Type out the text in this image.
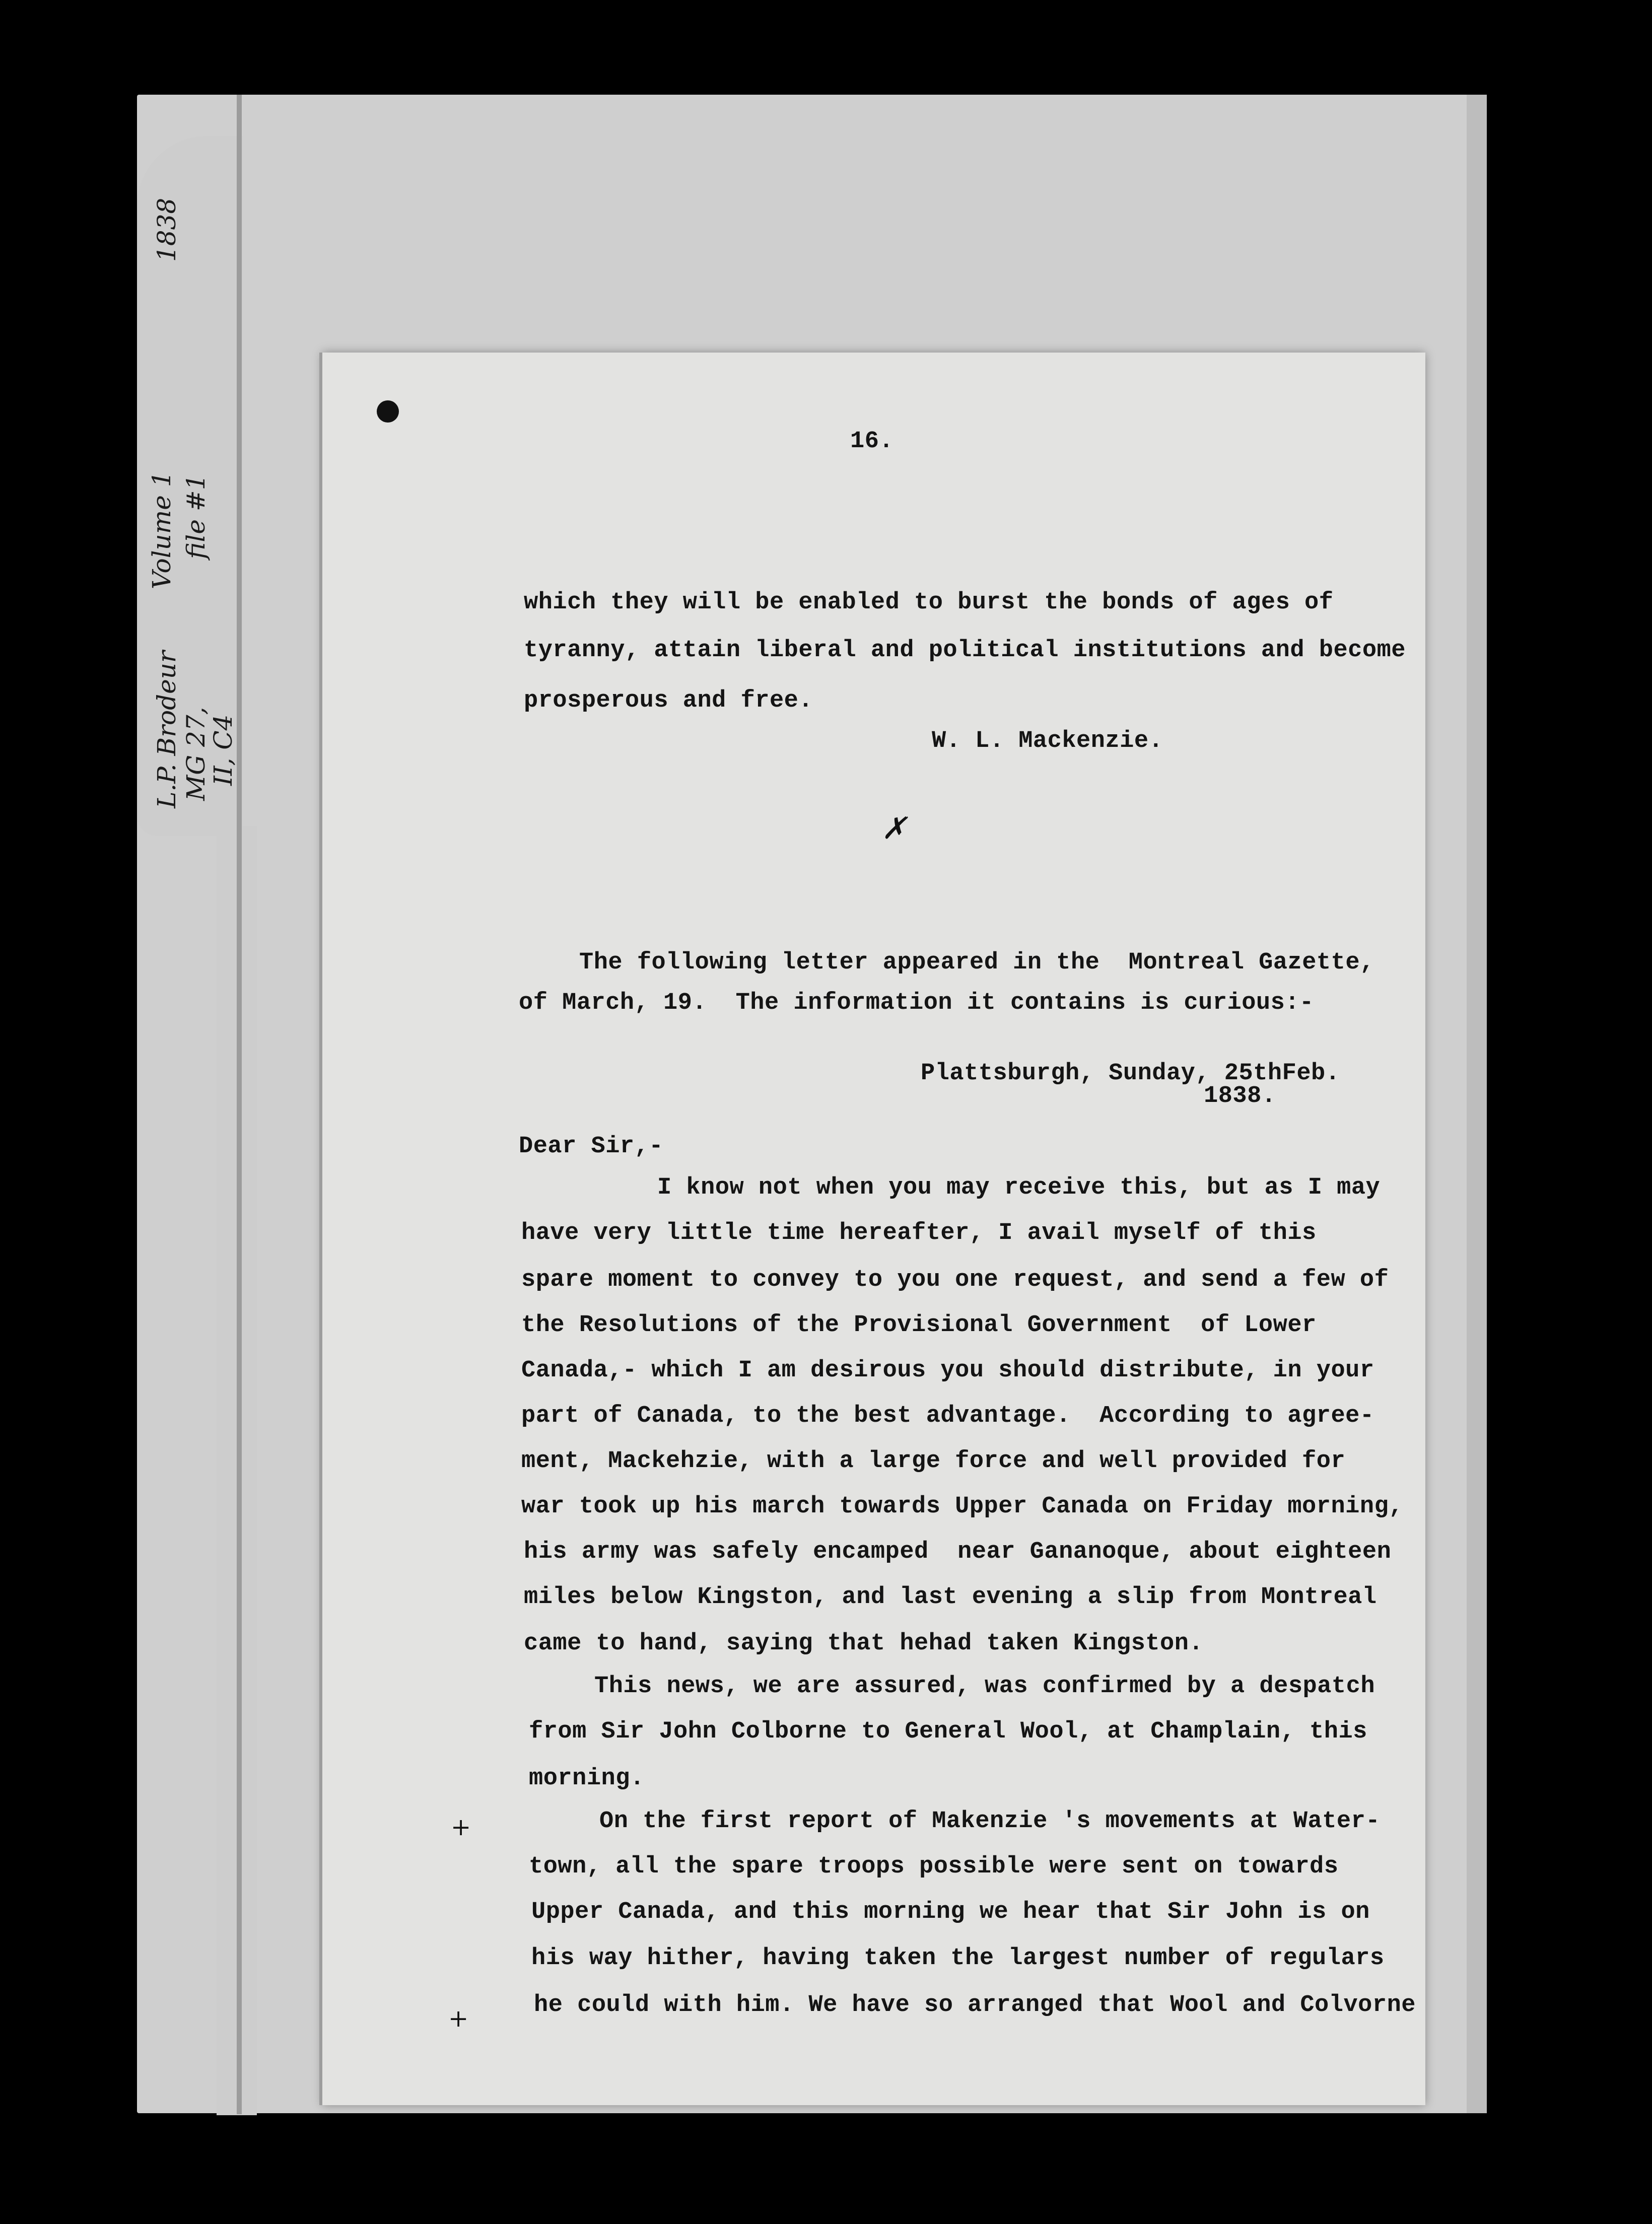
1838
Volume 1 file #1
L.P. Brodeur MG 27,
II, C4
16.
which they will be enabled to burst the bonds of ages of
tyranny, attain liberal and political institutions and become
prosperous and free.
W. L. Mackenzie.
✗
The following letter appeared in the  Montreal Gazette,
of March, 19.  The information it contains is curious:-
Plattsburgh, Sunday, 25thFeb.
1838.
Dear Sir,-
I know not when you may receive this, but as I may
have very little time hereafter, I avail myself of this
spare moment to convey to you one request, and send a few of
the Resolutions of the Provisional Government  of Lower
Canada,- which I am desirous you should distribute, in your
part of Canada, to the best advantage.  According to agree-
ment, Mackehzie, with a large force and well provided for
war took up his march towards Upper Canada on Friday morning,
his army was safely encamped  near Gananoque, about eighteen
miles below Kingston, and last evening a slip from Montreal
came to hand, saying that hehad taken Kingston.
This news, we are assured, was confirmed by a despatch
from Sir John Colborne to General Wool, at Champlain, this
morning.
On the first report of Makenzie 's movements at Water-
town, all the spare troops possible were sent on towards
Upper Canada, and this morning we hear that Sir John is on
his way hither, having taken the largest number of regulars
he could with him. We have so arranged that Wool and Colvorne
+
+
